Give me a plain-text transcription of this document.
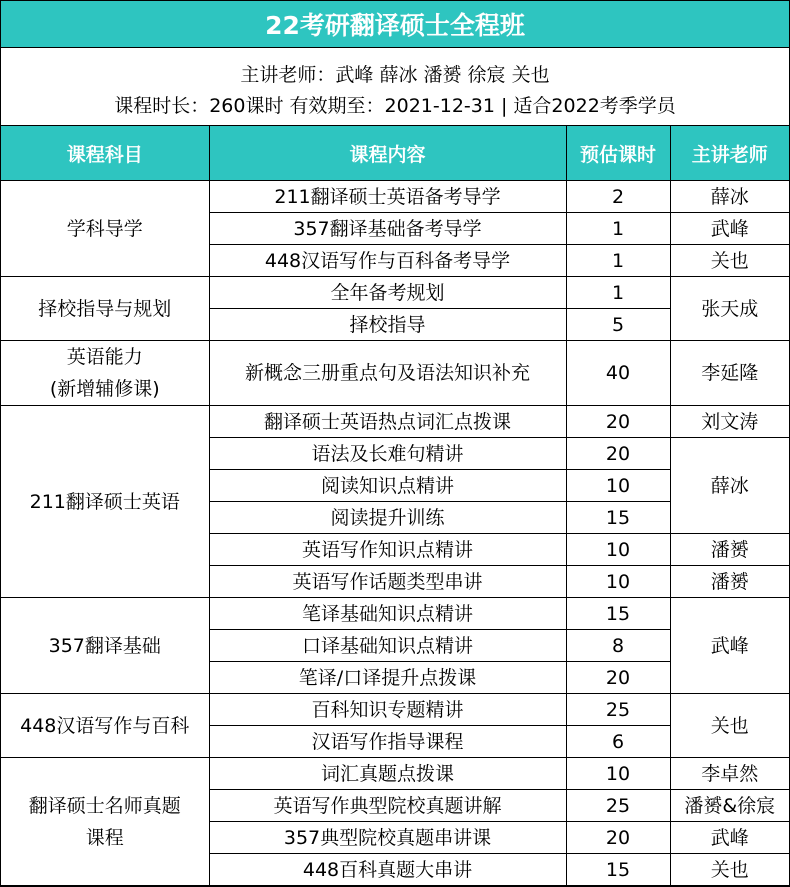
22考研翻译硕士全程班
主讲老师：武峰 薛冰 潘赟 徐宸 关也
课程时长：260课时 有效期至：2021-12-31 | 适合2022考季学员
课程科目	课程内容	预估课时	主讲老师
学科导学	211翻译硕士英语备考导学	2	薛冰
	357翻译基础备考导学	1	武峰
	448汉语写作与百科备考导学	1	关也
择校指导与规划	全年备考规划	1	张天成
	择校指导	5	

英语能力
(新增辅修课)	新概念三册重点句及语法知识补充	40	李延隆
211翻译硕士英语	翻译硕士英语热点词汇点拨课	20	刘文涛
	语法及长难句精讲	20	薛冰
	阅读知识点精讲	10	
	阅读提升训练	15	
	英语写作知识点精讲	10	潘赟
	英语写作话题类型串讲	10	潘赟
357翻译基础	笔译基础知识点精讲	15	武峰
	口译基础知识点精讲	8	
	笔译/口译提升点拨课	20	
448汉语写作与百科	百科知识专题精讲	25	关也
	汉语写作指导课程	6	

翻译硕士名师真题
课程	词汇真题点拨课	10	李卓然
	英语写作典型院校真题讲解	25	潘赟&徐宸
	357典型院校真题串讲课	20	武峰
	448百科真题大串讲	15	关也
